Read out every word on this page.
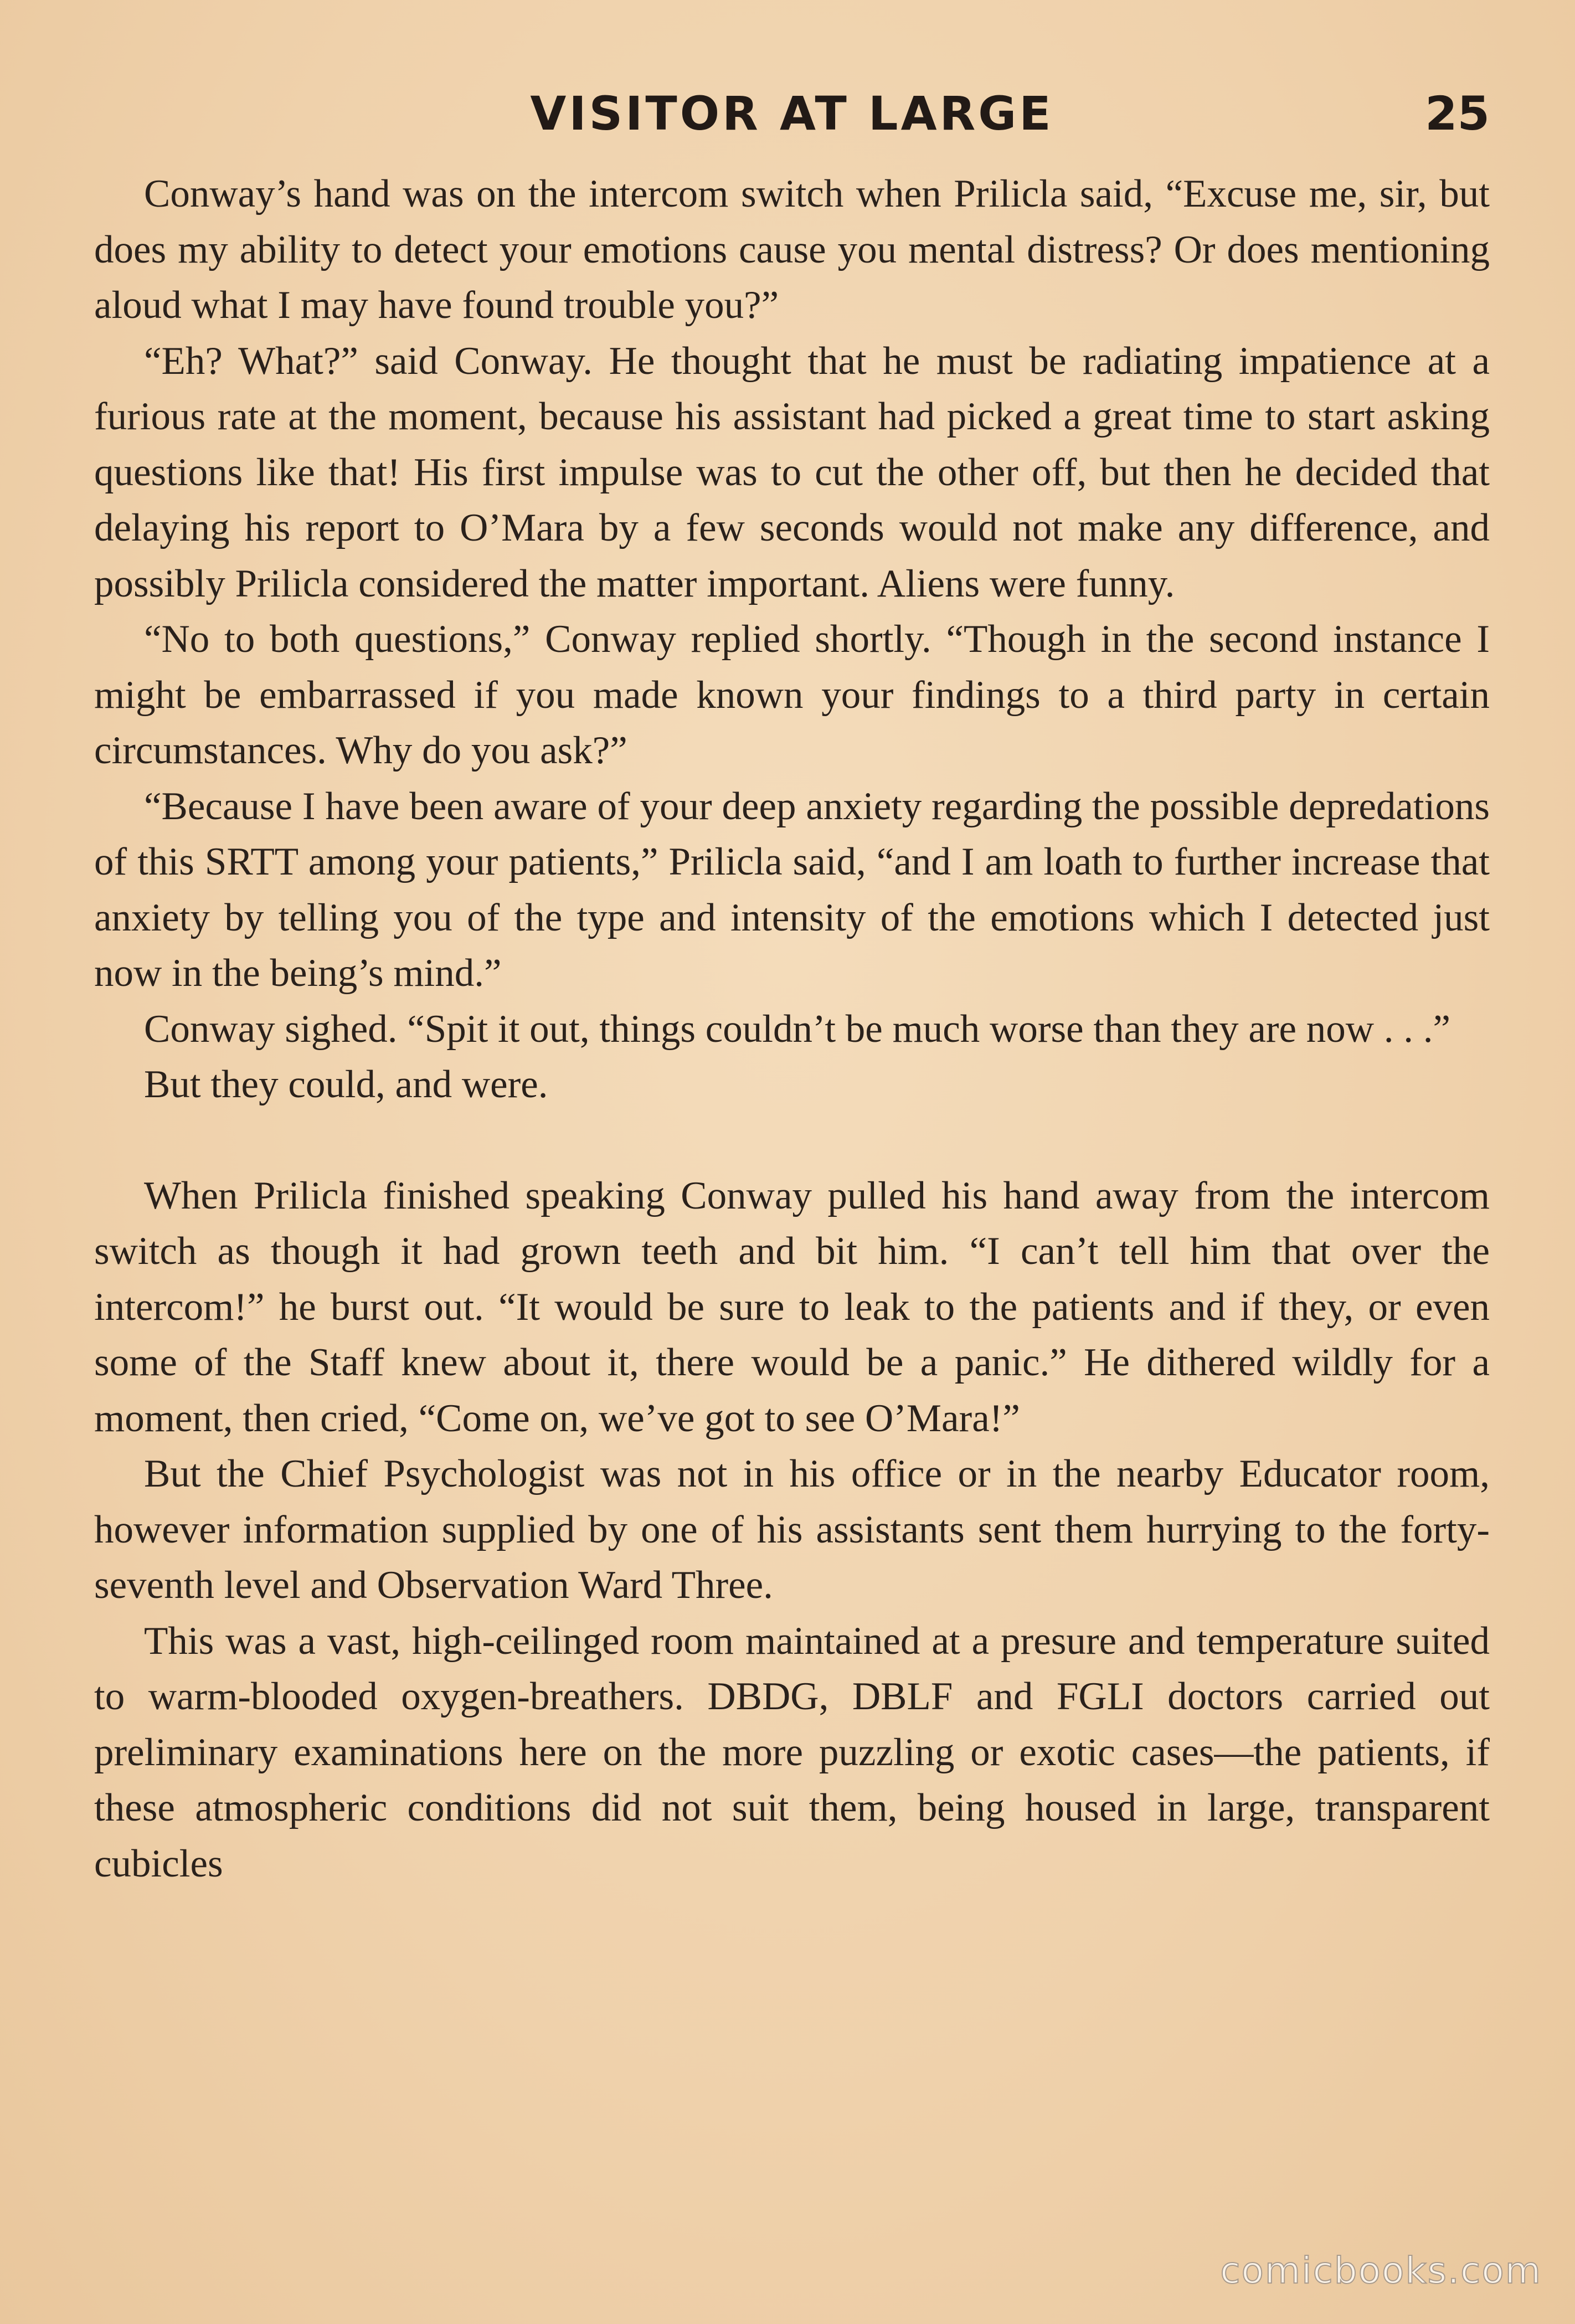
VISITOR AT LARGE	25

Conway’s hand was on the intercom switch when Prilicla said, “Excuse me, sir, but does my ability to detect your emotions cause you mental distress? Or does mentioning aloud what I may have found trouble you?”

“Eh? What?” said Conway. He thought that he must be radiating impatience at a furious rate at the moment, because his assistant had picked a great time to start asking questions like that! His first impulse was to cut the other off, but then he decided that delaying his report to O’Mara by a few seconds would not make any difference, and possibly Prilicla considered the matter important. Aliens were funny.

“No to both questions,” Conway replied shortly. “Though in the second instance I might be embarrassed if you made known your findings to a third party in certain circumstances. Why do you ask?”

“Because I have been aware of your deep anxiety regarding the possible depredations of this SRTT among your patients,” Prilicla said, “and I am loath to further increase that anxiety by telling you of the type and intensity of the emotions which I detected just now in the being’s mind.”

Conway sighed. “Spit it out, things couldn’t be much worse than they are now . . .”

But they could, and were.

When Prilicla finished speaking Conway pulled his hand away from the intercom switch as though it had grown teeth and bit him. “I can’t tell him that over the intercom!” he burst out. “It would be sure to leak to the patients and if they, or even some of the Staff knew about it, there would be a panic.” He dithered wildly for a moment, then cried, “Come on, we’ve got to see O’Mara!”

But the Chief Psychologist was not in his office or in the nearby Educator room, however information supplied by one of his assistants sent them hurrying to the forty-seventh level and Observation Ward Three.

This was a vast, high-ceilinged room maintained at a presure and temperature suited to warm-blooded oxygen-breathers. DBDG, DBLF and FGLI doctors carried out preliminary examinations here on the more puzzling or exotic cases—the patients, if these atmospheric conditions did not suit them, being housed in large, transparent cubicles

comicbooks.com
